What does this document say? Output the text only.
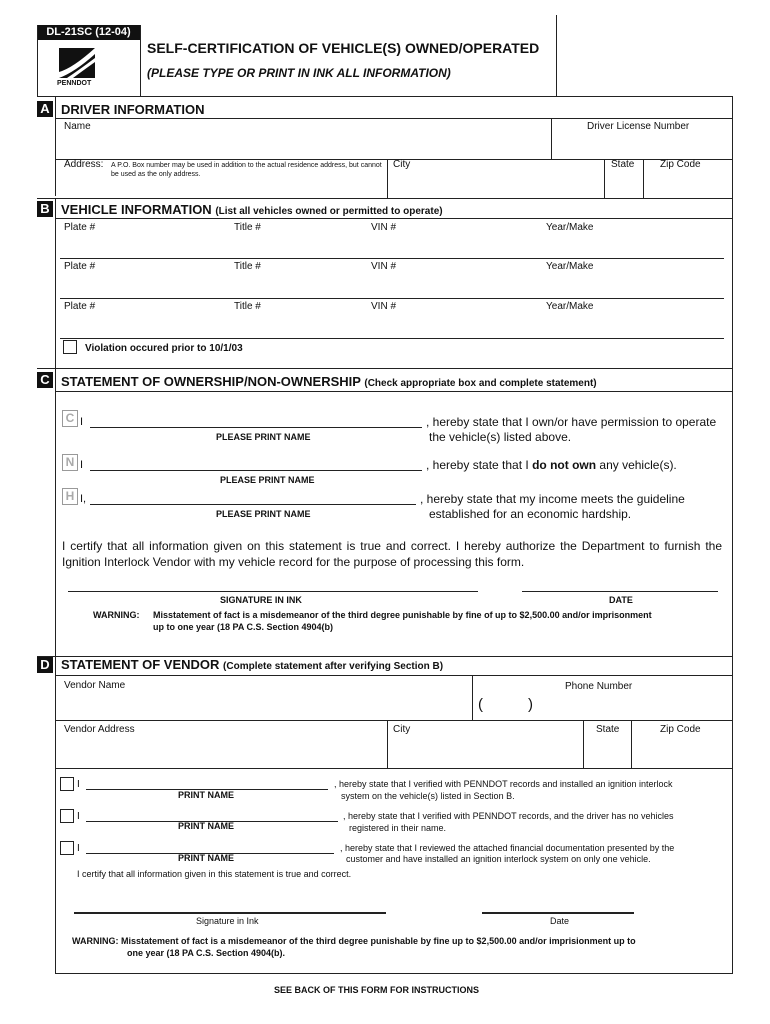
DL-21SC (12-04)
PENNDOT
SELF-CERTIFICATION OF VEHICLE(S) OWNED/OPERATED
(PLEASE TYPE OR PRINT IN INK ALL INFORMATION)
A DRIVER INFORMATION
Name	Driver License Number
Address: A P.O. Box number may be used in addition to the actual residence address, but cannot
be used as the only address.
City	State	Zip Code
B VEHICLE INFORMATION (List all vehicles owned or permitted to operate)
Plate #	Title #	VIN #	Year/Make
Plate #	Title #	VIN #	Year/Make
Plate #	Title #	VIN #	Year/Make
Violation occured prior to 10/1/03
C STATEMENT OF OWNERSHIP/NON-OWNERSHIP (Check appropriate box and complete statement)
C I	, hereby state that I own/or have permission to operate
PLEASE PRINT NAME	the vehicle(s) listed above.
N I	, hereby state that I do not own any vehicle(s).
PLEASE PRINT NAME
H I,	, hereby state that my income meets the guideline
PLEASE PRINT NAME	established for an economic hardship.
I certify that all information given on this statement is true and correct. I hereby authorize the Department to furnish the Ignition Interlock Vendor with my vehicle record for the purpose of processing this form.
SIGNATURE IN INK	DATE
WARNING: Misstatement of fact is a misdemeanor of the third degree punishable by fine of up to $2,500.00 and/or imprisonment
up to one year (18 PA C.S. Section 4904(b)
D STATEMENT OF VENDOR (Complete statement after verifying Section B)
Vendor Name	Phone Number
(	)
Vendor Address	City	State	Zip Code
I
PRINT NAME
, hereby state that I verified with PENNDOT records and installed an ignition interlock
system on the vehicle(s) listed in Section B.
I
PRINT NAME
, hereby state that I verified with PENNDOT records, and the driver has no vehicles
registered in their name.
I
PRINT NAME
, hereby state that I reviewed the attached financial documentation presented by the
customer and have installed an ignition interlock system on only one vehicle.
I certify that all information given in this statement is true and correct.
Signature in Ink	Date
WARNING: Misstatement of fact is a misdemeanor of the third degree punishable by fine up to $2,500.00 and/or imprisionment up to
one year (18 PA C.S. Section 4904(b).
SEE BACK OF THIS FORM FOR INSTRUCTIONS
